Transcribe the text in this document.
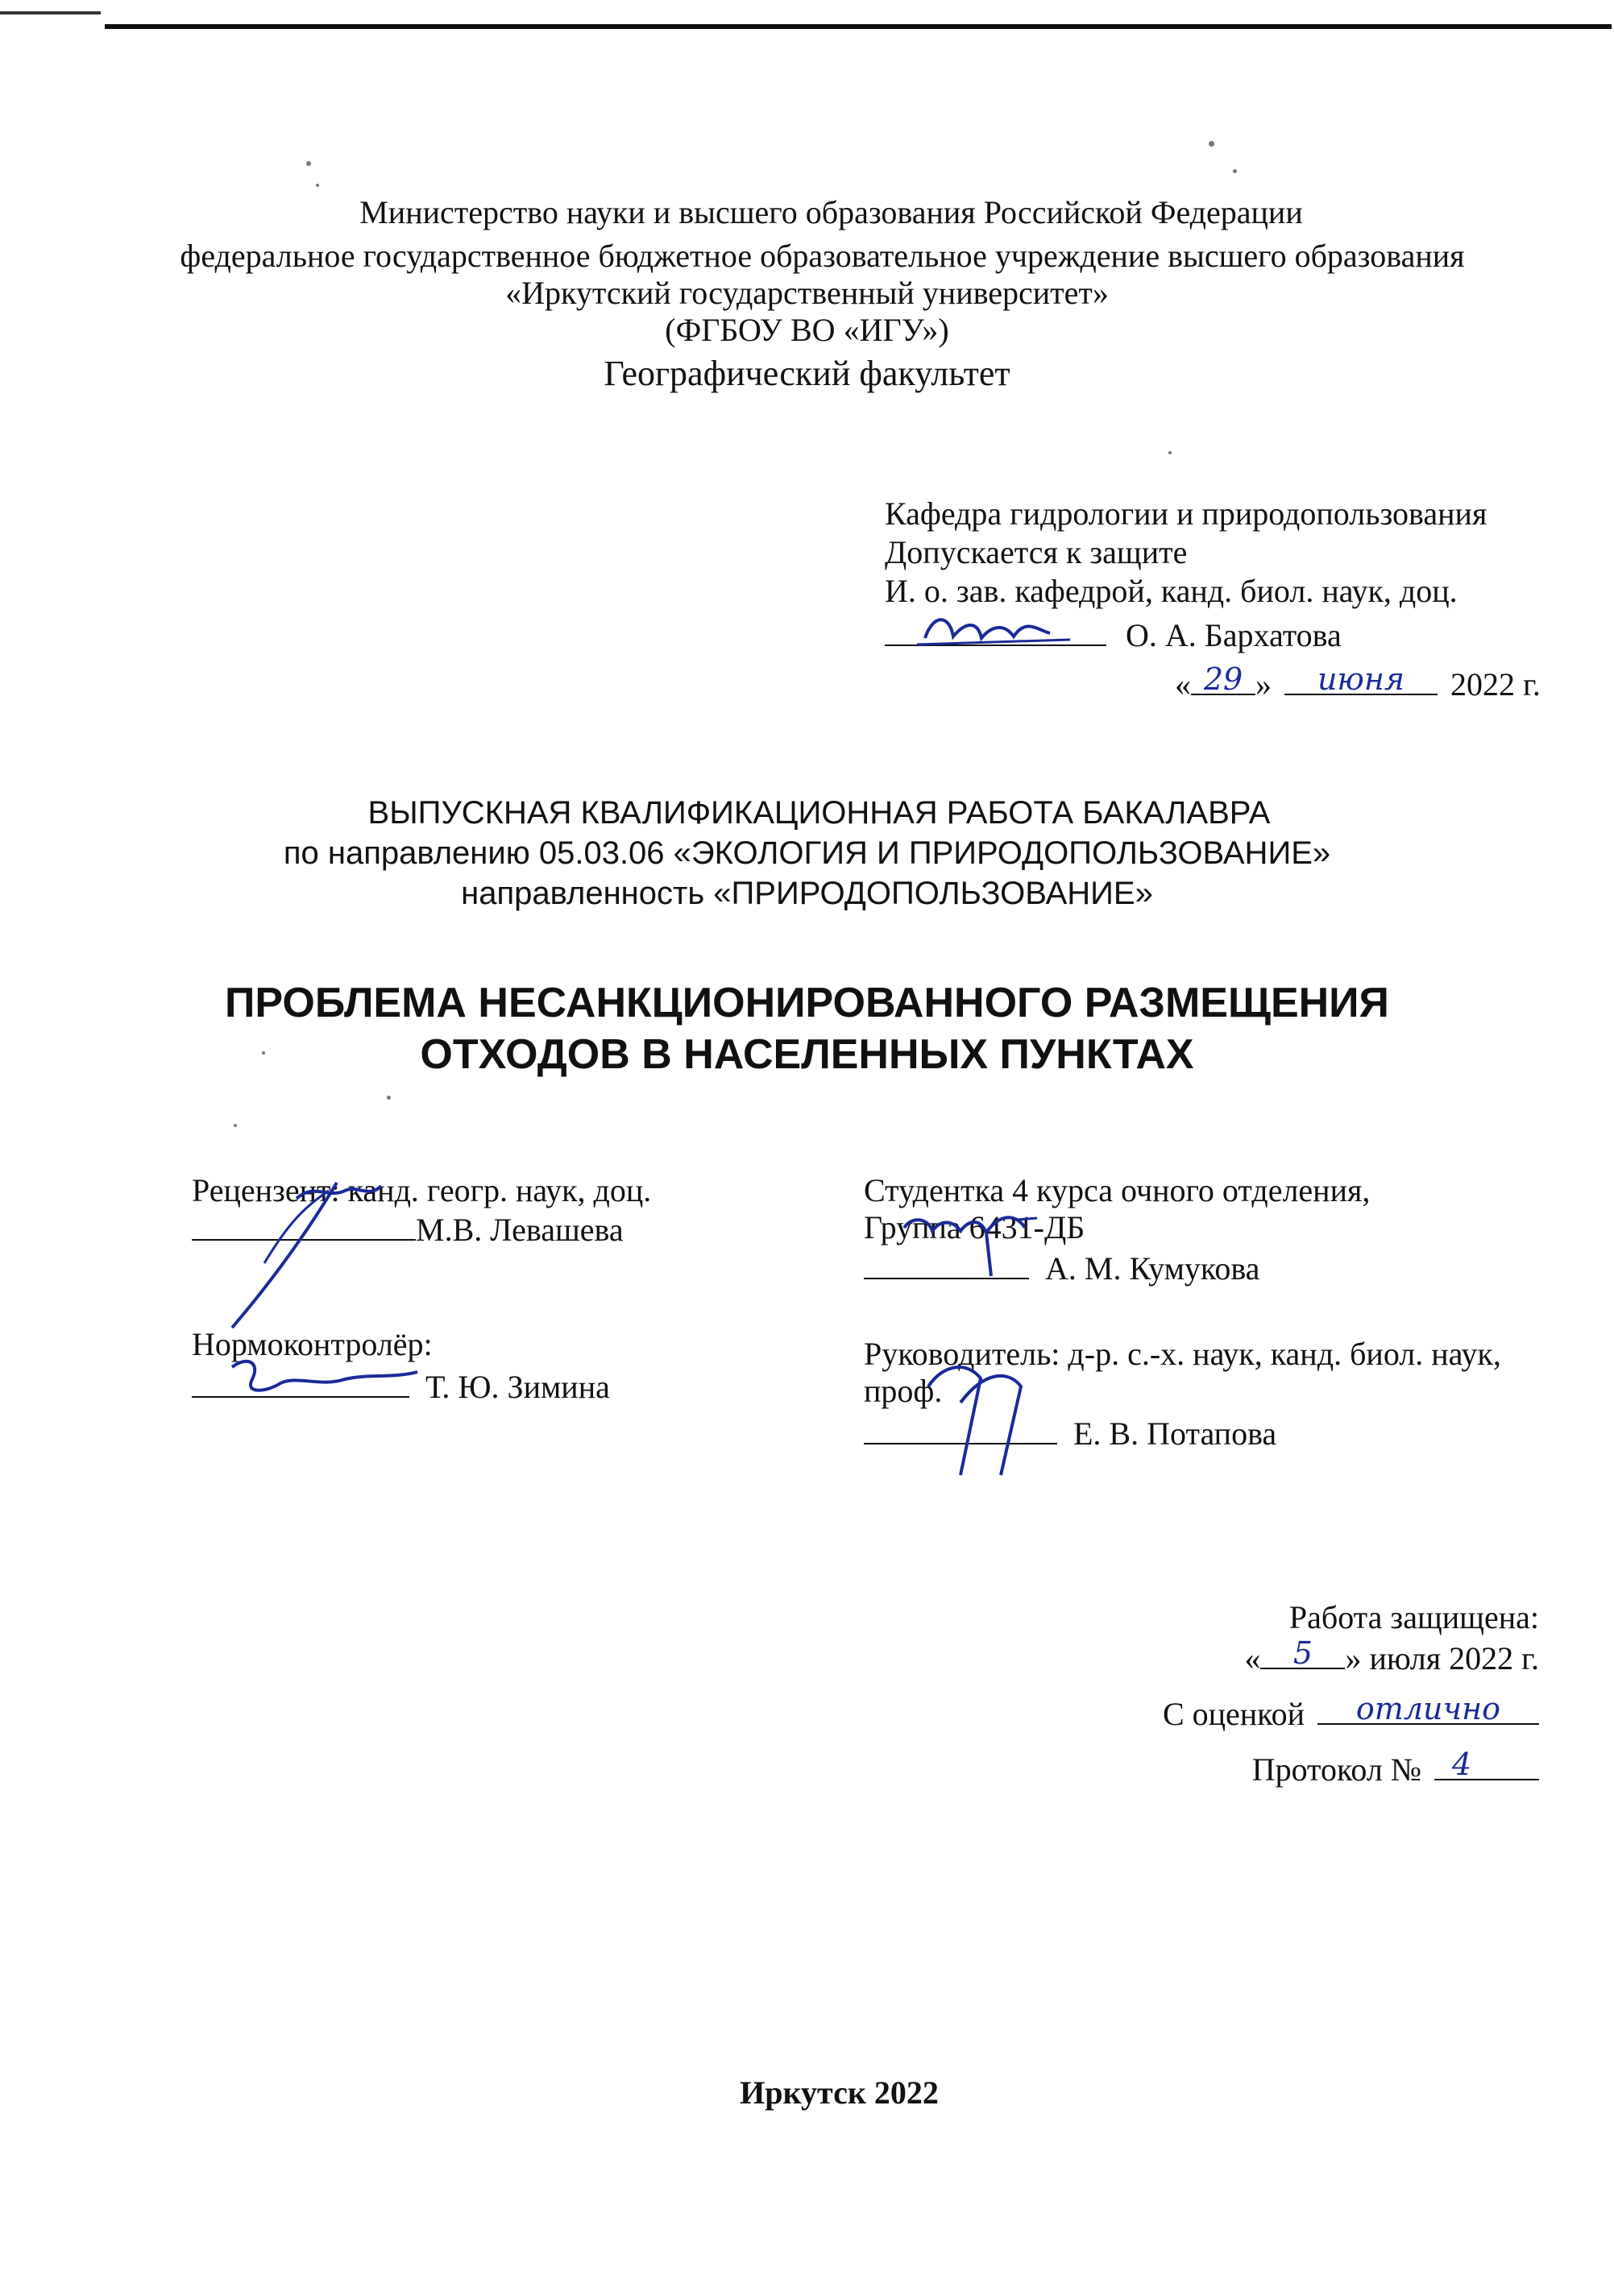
Министерство науки и высшего образования Российской Федерации
федеральное государственное бюджетное образовательное учреждение высшего образования
«Иркутский государственный университет»
(ФГБОУ ВО «ИГУ»)
Географический факультет
Кафедра гидрологии и природопользования
Допускается к защите
И. о. зав. кафедрой, канд. биол. наук, доц.
О. А. Бархатова
« 29 »	июня	2022 г.
ВЫПУСКНАЯ КВАЛИФИКАЦИОННАЯ РАБОТА БАКАЛАВРА
по направлению 05.03.06 «ЭКОЛОГИЯ И ПРИРОДОПОЛЬЗОВАНИЕ»
направленность «ПРИРОДОПОЛЬЗОВАНИЕ»
ПРОБЛЕМА НЕСАНКЦИОНИРОВАННОГО РАЗМЕЩЕНИЯ
ОТХОДОВ В НАСЕЛЕННЫХ ПУНКТАХ
Рецензент: канд. геогр. наук, доц.
М.В. Левашева
Нормоконтролёр:
Т. Ю. Зимина
Студентка 4 курса очного отделения,
Группа 6431-ДБ
А. М. Кумукова
Руководитель: д-р. с.-х. наук, канд. биол. наук,
проф.
Е. В. Потапова
Работа защищена:
«	5	» июля 2022 г.
С оценкой	отлично
Протокол №	4
Иркутск 2022
